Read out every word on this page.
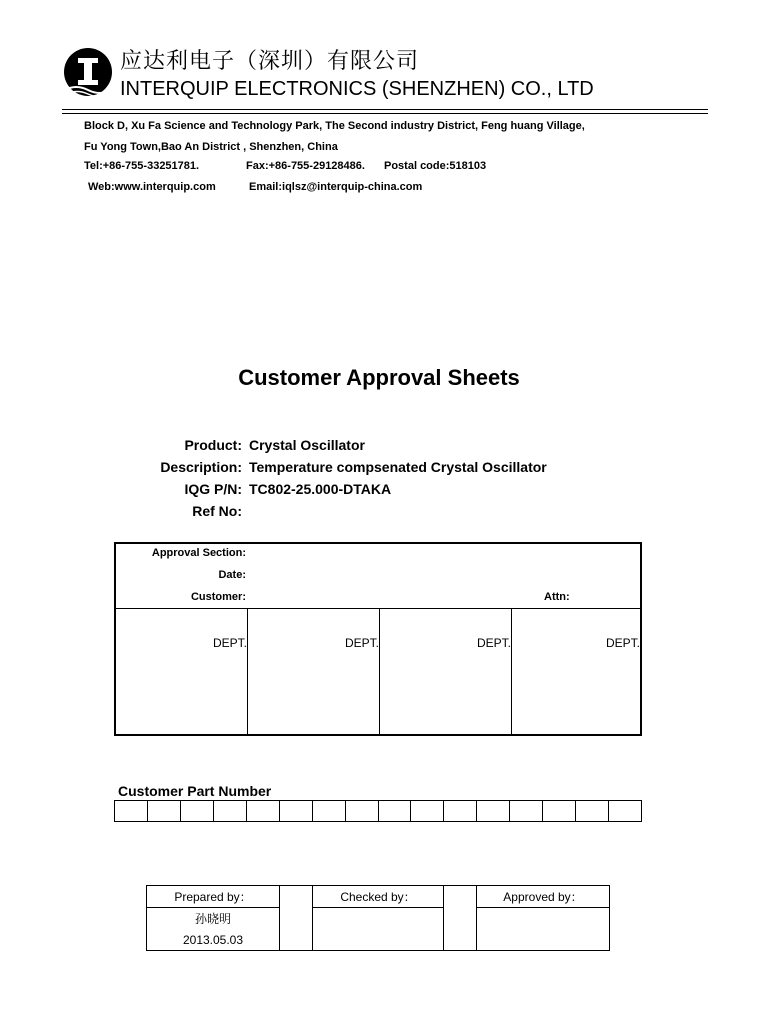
应达利电子（深圳）有限公司
INTERQUIP ELECTRONICS (SHENZHEN) CO., LTD
Block D, Xu Fa Science and Technology Park, The Second industry District, Feng huang Village,
Fu Yong Town,Bao An District , Shenzhen, China
Tel:+86-755-33251781.	Fax:+86-755-29128486. Postal code:518103
Web:www.interquip.com	Email:iqlsz@interquip-china.com
Customer Approval Sheets
Product: Crystal Oscillator
Description: Temperature compsenated Crystal Oscillator
IQG P/N: TC802-25.000-DTAKA
Ref No:
Approval Section:
Date:
Customer:	Attn:
DEPT.	DEPT.	DEPT.	DEPT.
Customer Part Number
Prepared by：		Checked by：		Approved by：
孙晓明				
2013.05.03				
